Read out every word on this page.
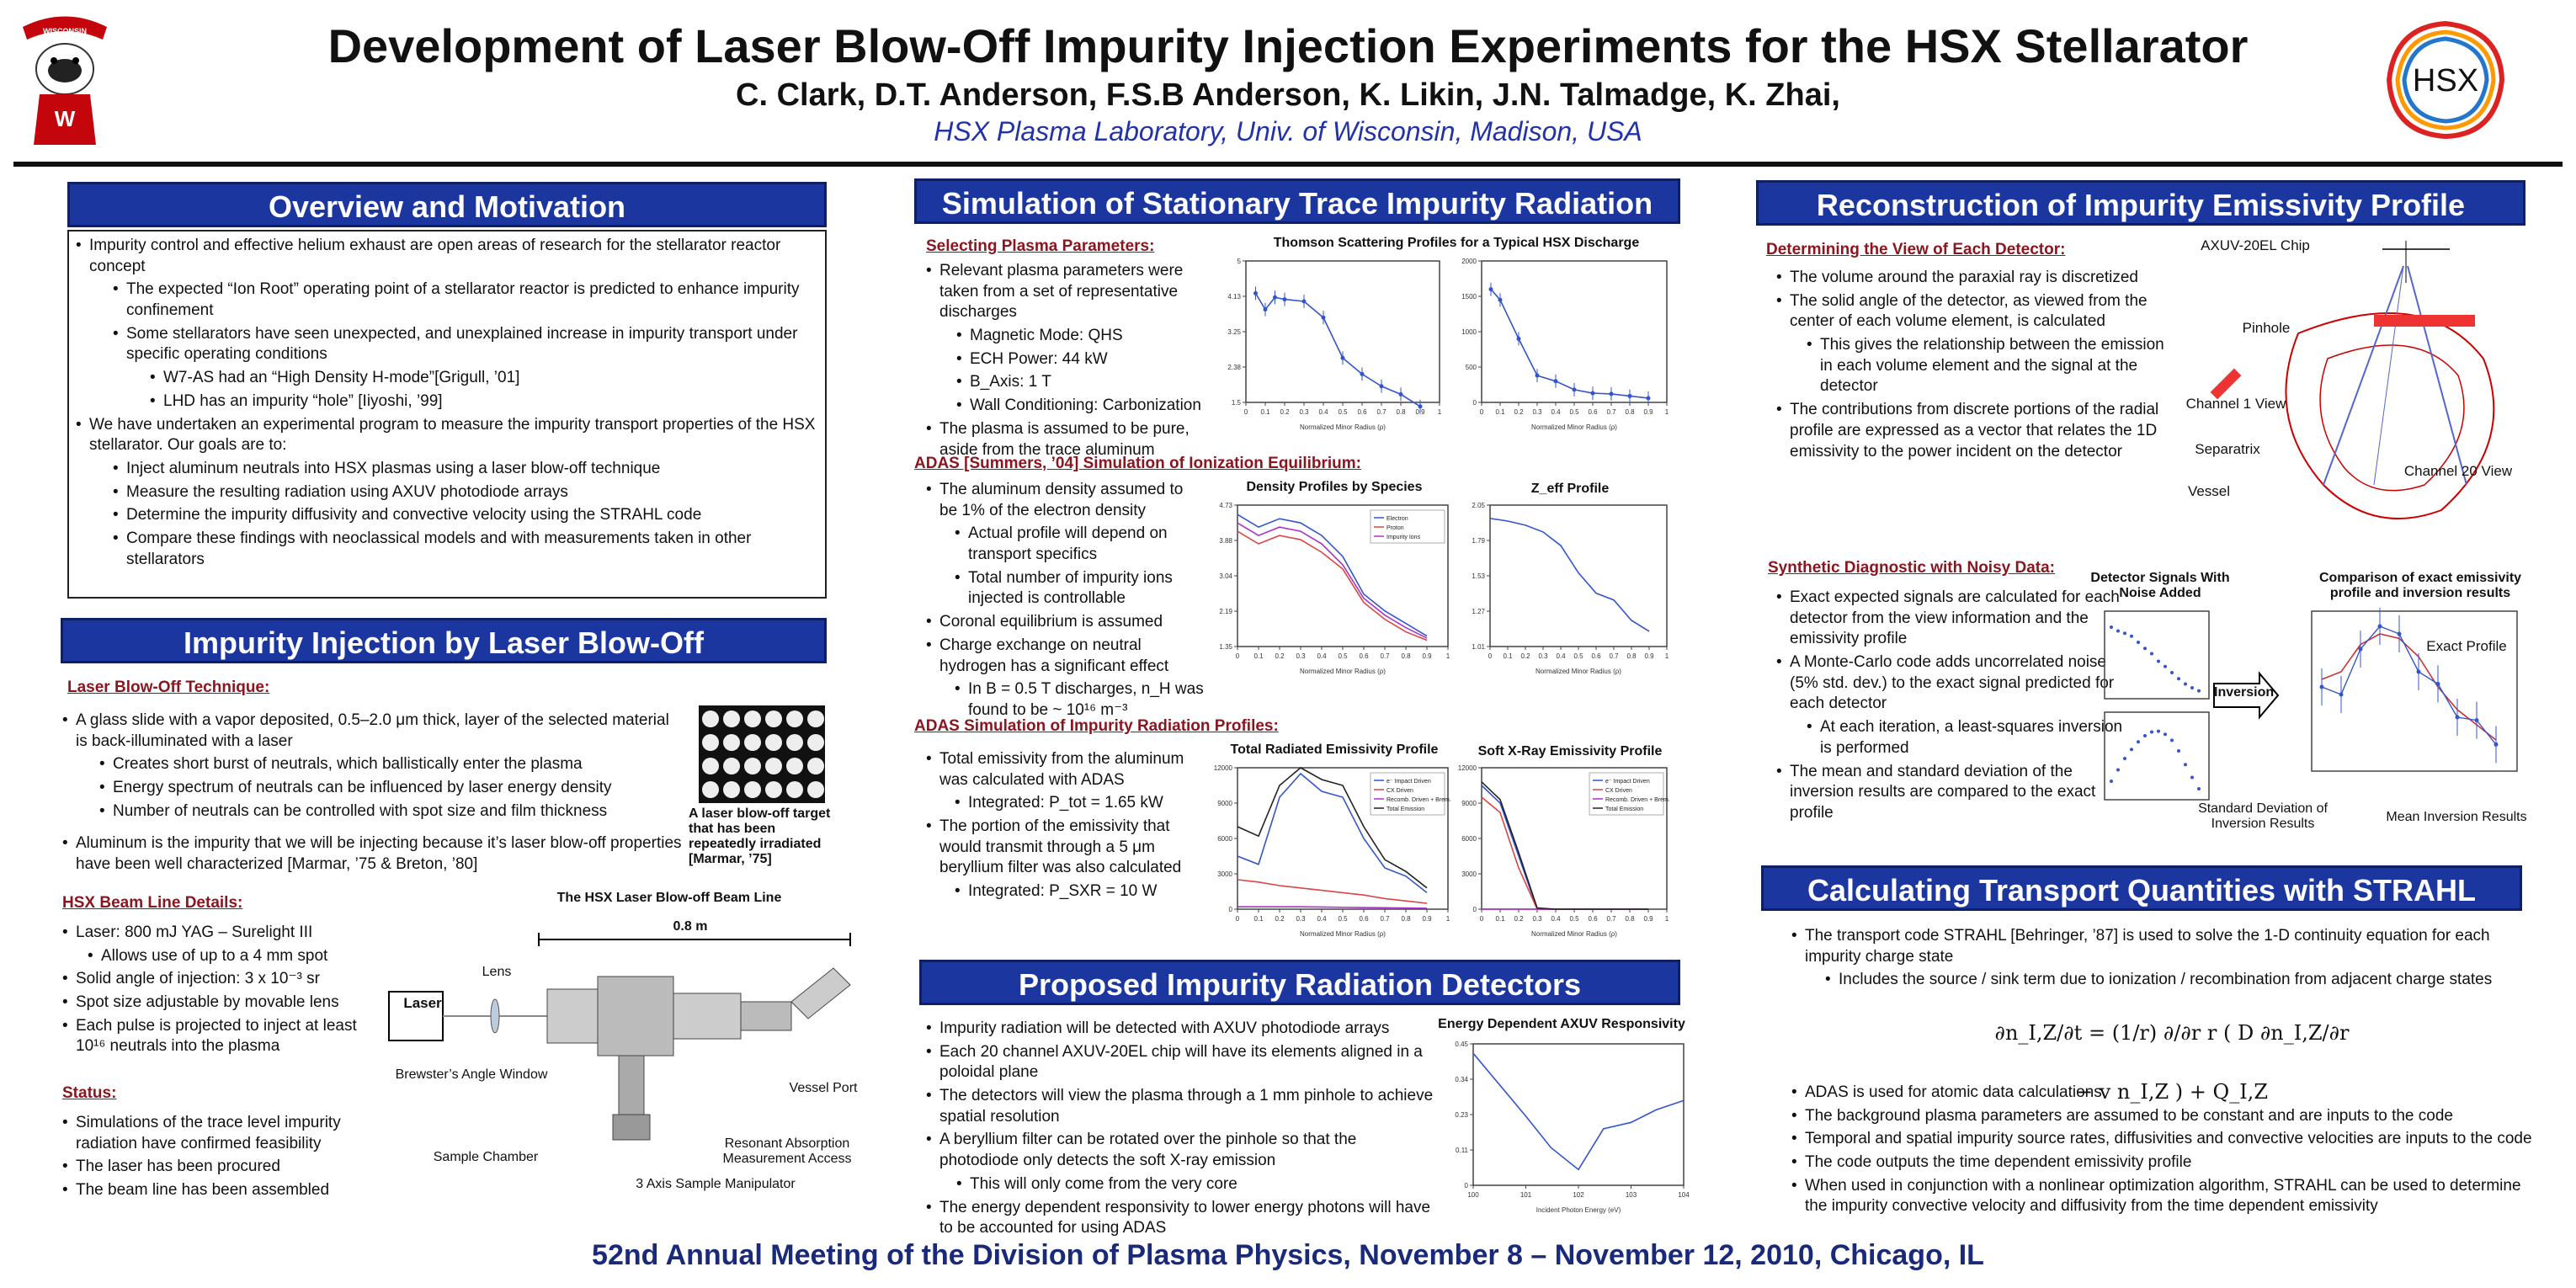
WISCONSIN
W
Development of Laser Blow-Off Impurity Injection Experiments for the HSX Stellarator
C. Clark, D.T. Anderson, F.S.B Anderson, K. Likin, J.N. Talmadge, K. Zhai,
HSX Plasma Laboratory, Univ. of Wisconsin, Madison, USA
HSX
Overview and Motivation
• Impurity control and effective helium exhaust are open areas of research for the stellarator reactor concept
• The expected “Ion Root” operating point of a stellarator reactor is predicted to enhance impurity confinement
• Some stellarators have seen unexpected, and unexplained increase in impurity transport under specific operating conditions
• W7-AS had an “High Density H-mode”[Grigull, ’01]
• LHD has an impurity “hole” [Iiyoshi, ’99]
• We have undertaken an experimental program to measure the impurity transport properties of the HSX stellarator. Our goals are to:
• Inject aluminum neutrals into HSX plasmas using a laser blow-off technique
• Measure the resulting radiation using AXUV photodiode arrays
• Determine the impurity diffusivity and convective velocity using the STRAHL code
• Compare these findings with neoclassical models and with measurements taken in other stellarators
Impurity Injection by Laser Blow-Off
Laser Blow-Off Technique:
• A glass slide with a vapor deposited, 0.5–2.0 μm thick, layer of the selected material is back-illuminated with a laser
• Creates short burst of neutrals, which ballistically enter the plasma
• Energy spectrum of neutrals can be influenced by laser energy density
• Number of neutrals can be controlled with spot size and film thickness
• Aluminum is the impurity that we will be injecting because it’s laser blow-off properties have been well characterized [Marmar, ’75 & Breton, ’80]
A laser blow-off target that has been repeatedly irradiated [Marmar, ’75]
HSX Beam Line Details:
• Laser: 800 mJ YAG – Surelight III
• Allows use of up to a 4 mm spot
• Solid angle of injection: 3 x 10⁻³ sr
• Spot size adjustable by movable lens
• Each pulse is projected to inject at least 10¹⁶ neutrals into the plasma
Status:
• Simulations of the trace level impurity radiation have confirmed feasibility
• The laser has been procured
• The beam line has been assembled
The HSX Laser Blow-off Beam Line
0.8 m
Laser
Lens
Brewster’s Angle Window
Sample Chamber
3 Axis Sample Manipulator
Resonant Absorption Measurement Access
Vessel Port
Simulation of Stationary Trace Impurity Radiation
Selecting Plasma Parameters:
• Relevant plasma parameters were taken from a set of representative discharges
• Magnetic Mode: QHS
• ECH Power: 44 kW
• B_Axis: 1 T
• Wall Conditioning: Carbonization
• The plasma is assumed to be pure, aside from the trace aluminum
Thomson Scattering Profiles for a Typical HSX Discharge
0 0.1 0.2 0.3 0.4 0.5 0.6 0.7 0.8 0.9 1
1.5
2.38
3.25
4.13
5
Normalized Minor Radius (ρ)
0 0.1 0.2 0.3 0.4 0.5 0.6 0.7 0.8 0.9 1
0
500
1000
1500
2000
Normalized Minor Radius (ρ)
ADAS [Summers, ’04] Simulation of Ionization Equilibrium:
• The aluminum density assumed to be 1% of the electron density
• Actual profile will depend on transport specifics
• Total number of impurity ions injected is controllable
• Coronal equilibrium is assumed
• Charge exchange on neutral hydrogen has a significant effect
• In B = 0.5 T discharges, n_H was found to be ~ 10¹⁶ m⁻³
Density Profiles by Species	Z_eff Profile
0 0.1 0.2 0.3 0.4 0.5 0.6 0.7 0.8 0.9 1
1.35
2.19
3.04
3.88
4.73
Normalized Minor Radius (ρ)
Electron
Proton
Impurity Ions
0 0.1 0.2 0.3 0.4 0.5 0.6 0.7 0.8 0.9 1
1.01
1.27
1.53
1.79
2.05
Normalized Minor Radius (ρ)
ADAS Simulation of Impurity Radiation Profiles:
• Total emissivity from the aluminum was calculated with ADAS
• Integrated: P_tot = 1.65 kW
• The portion of the emissivity that would transmit through a 5 μm beryllium filter was also calculated
• Integrated: P_SXR = 10 W
Total Radiated Emissivity Profile	Soft X-Ray Emissivity Profile
0 0.1 0.2 0.3 0.4 0.5 0.6 0.7 0.8 0.9 1
0
3000
6000
9000
12000
Normalized Minor Radius (ρ)
e⁻ Impact Driven
CX Driven
Recomb. Driven + Brem.
Total Emission
0 0.1 0.2 0.3 0.4 0.5 0.6 0.7 0.8 0.9 1
0
3000
6000
9000
12000
Normalized Minor Radius (ρ)
e⁻ Impact Driven
CX Driven
Recomb. Driven + Brem.
Total Emission
Proposed Impurity Radiation Detectors
• Impurity radiation will be detected with AXUV photodiode arrays
• Each 20 channel AXUV-20EL chip will have its elements aligned in a poloidal plane
• The detectors will view the plasma through a 1 mm pinhole to achieve spatial resolution
• A beryllium filter can be rotated over the pinhole so that the photodiode only detects the soft X-ray emission
• This will only come from the very core
• The energy dependent responsivity to lower energy photons will have to be accounted for using ADAS
Energy Dependent AXUV Responsivity
100	101	102	103	104
0
0.11
0.23
0.34
0.45
Incident Photon Energy (eV)
Reconstruction of Impurity Emissivity Profile
Determining the View of Each Detector:
• The volume around the paraxial ray is discretized
• The solid angle of the detector, as viewed from the center of each volume element, is calculated
• This gives the relationship between the emission in each volume element and the signal at the detector
• The contributions from discrete portions of the radial profile are expressed as a vector that relates the 1D emissivity to the power incident on the detector
AXUV-20EL Chip
Pinhole
Channel 1 View
Separatrix
Vessel
Channel 20 View
Synthetic Diagnostic with Noisy Data:
• Exact expected signals are calculated for each detector from the view information and the emissivity profile
• A Monte-Carlo code adds uncorrelated noise (5% std. dev.) to the exact signal predicted for each detector
• At each iteration, a least-squares inversion is performed
• The mean and standard deviation of the inversion results are compared to the exact profile
Detector Signals With Noise Added
Inversion
Comparison of exact emissivity profile and inversion results
Exact Profile
Standard Deviation of Inversion Results	Mean Inversion Results
Calculating Transport Quantities with STRAHL
• The transport code STRAHL [Behringer, ’87] is used to solve the 1-D continuity equation for each impurity charge state
• Includes the source / sink term due to ionization / recombination from adjacent charge states
∂n_I,Z/∂t = (1/r) ∂/∂r r ( D ∂n_I,Z/∂r − v n_I,Z ) + Q_I,Z
• ADAS is used for atomic data calculations
• The background plasma parameters are assumed to be constant and are inputs to the code
• Temporal and spatial impurity source rates, diffusivities and convective velocities are inputs to the code
• The code outputs the time dependent emissivity profile
• When used in conjunction with a nonlinear optimization algorithm, STRAHL can be used to determine the impurity convective velocity and diffusivity from the time dependent emissivity
52nd Annual Meeting of the Division of Plasma Physics, November 8 – November 12, 2010, Chicago, IL
